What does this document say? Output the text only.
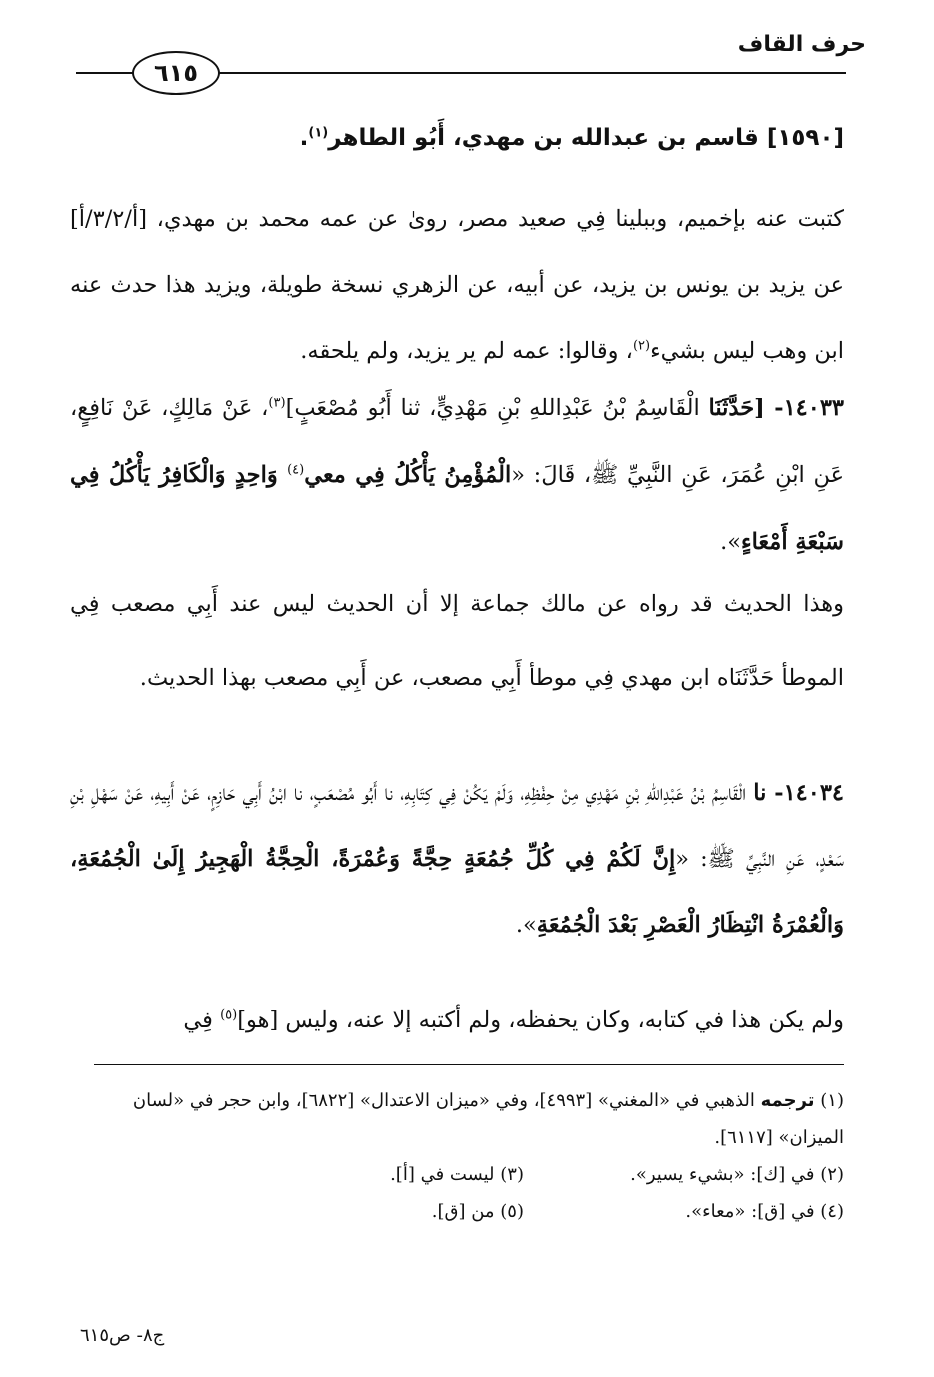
حرف القاف
٦١٥
[١٥٩٠] قاسم بن عبدالله بن مهدي، أَبُو الطاهر$^{(١)}$.

كتبت عنه بإخميم، وببلينا فِي صعيد مصر، روىٰ عن عمه محمد بن مهدي، [أ/٣/٢/أ] عن يزيد بن يونس بن يزيد، عن أبيه، عن الزهري نسخة طويلة، ويزيد هذا حدث عنه ابن وهب ليس بشيء$^{(٢)}$، وقالوا: عمه لم ير يزيد، ولم يلحقه.

١٤٠٣٣- [حَدَّثَنَا الْقَاسِمُ بْنُ عَبْدِاللهِ بْنِ مَهْدِيٍّ، ثنا أَبُو مُصْعَبٍ]$^{(٣)}$، عَنْ مَالِكٍ، عَنْ نَافِعٍ، عَنِ ابْنِ عُمَرَ، عَنِ النَّبِيِّ ﷺ، قَالَ: «الْمُؤْمِنُ يَأْكُلُ فِي معي$^{(٤)}$ وَاحِدٍ وَالْكَافِرُ يَأْكُلُ فِي سَبْعَةِ أَمْعَاءٍ».

وهذا الحديث قد رواه عن مالك جماعة إلا أن الحديث ليس عند أَبِي مصعب فِي الموطأ حَدَّثَنَاه ابن مهدي فِي موطأ أَبِي مصعب، عن أَبِي مصعب بهذا الحديث.

١٤٠٣٤- نا الْقَاسِمُ بْنُ عَبْدِاللهِ بْنِ مَهْدِي مِنْ حِفْظِهِ، وَلَمْ يَكُنْ فِي كِتَابِهِ، نا أَبُو مُصْعَبٍ، نا ابْنُ أَبِي حَازِمٍ، عَنْ أَبِيهِ، عَنْ سَهْلِ بْنِ سَعْدٍ، عَنِ النَّبِيِّ ﷺ: «إِنَّ لَكُمْ فِي كُلِّ جُمُعَةٍ حِجَّةً وَعُمْرَةً، الْحِجَّةُ الْهَجِيرُ إِلَىٰ الْجُمُعَةِ، وَالْعُمْرَةُ انْتِظَارُ الْعَصْرِ بَعْدَ الْجُمُعَةِ».

ولم يكن هذا في كتابه، وكان يحفظه، ولم أكتبه إلا عنه، وليس [هو]$^{(٥)}$ فِي

(١) ترجمه الذهبي في «المغني» [٤٩٩٣]، وفي «ميزان الاعتدال» [٦٨٢٢]، وابن حجر في «لسان الميزان» [٦١١٧].

(٢) في [ك]: «بشيء يسير».
(٣) ليست في [أ].
(٤) في [ق]: «معاء».
(٥) من [ق].
ج٨- ص٦١٥
